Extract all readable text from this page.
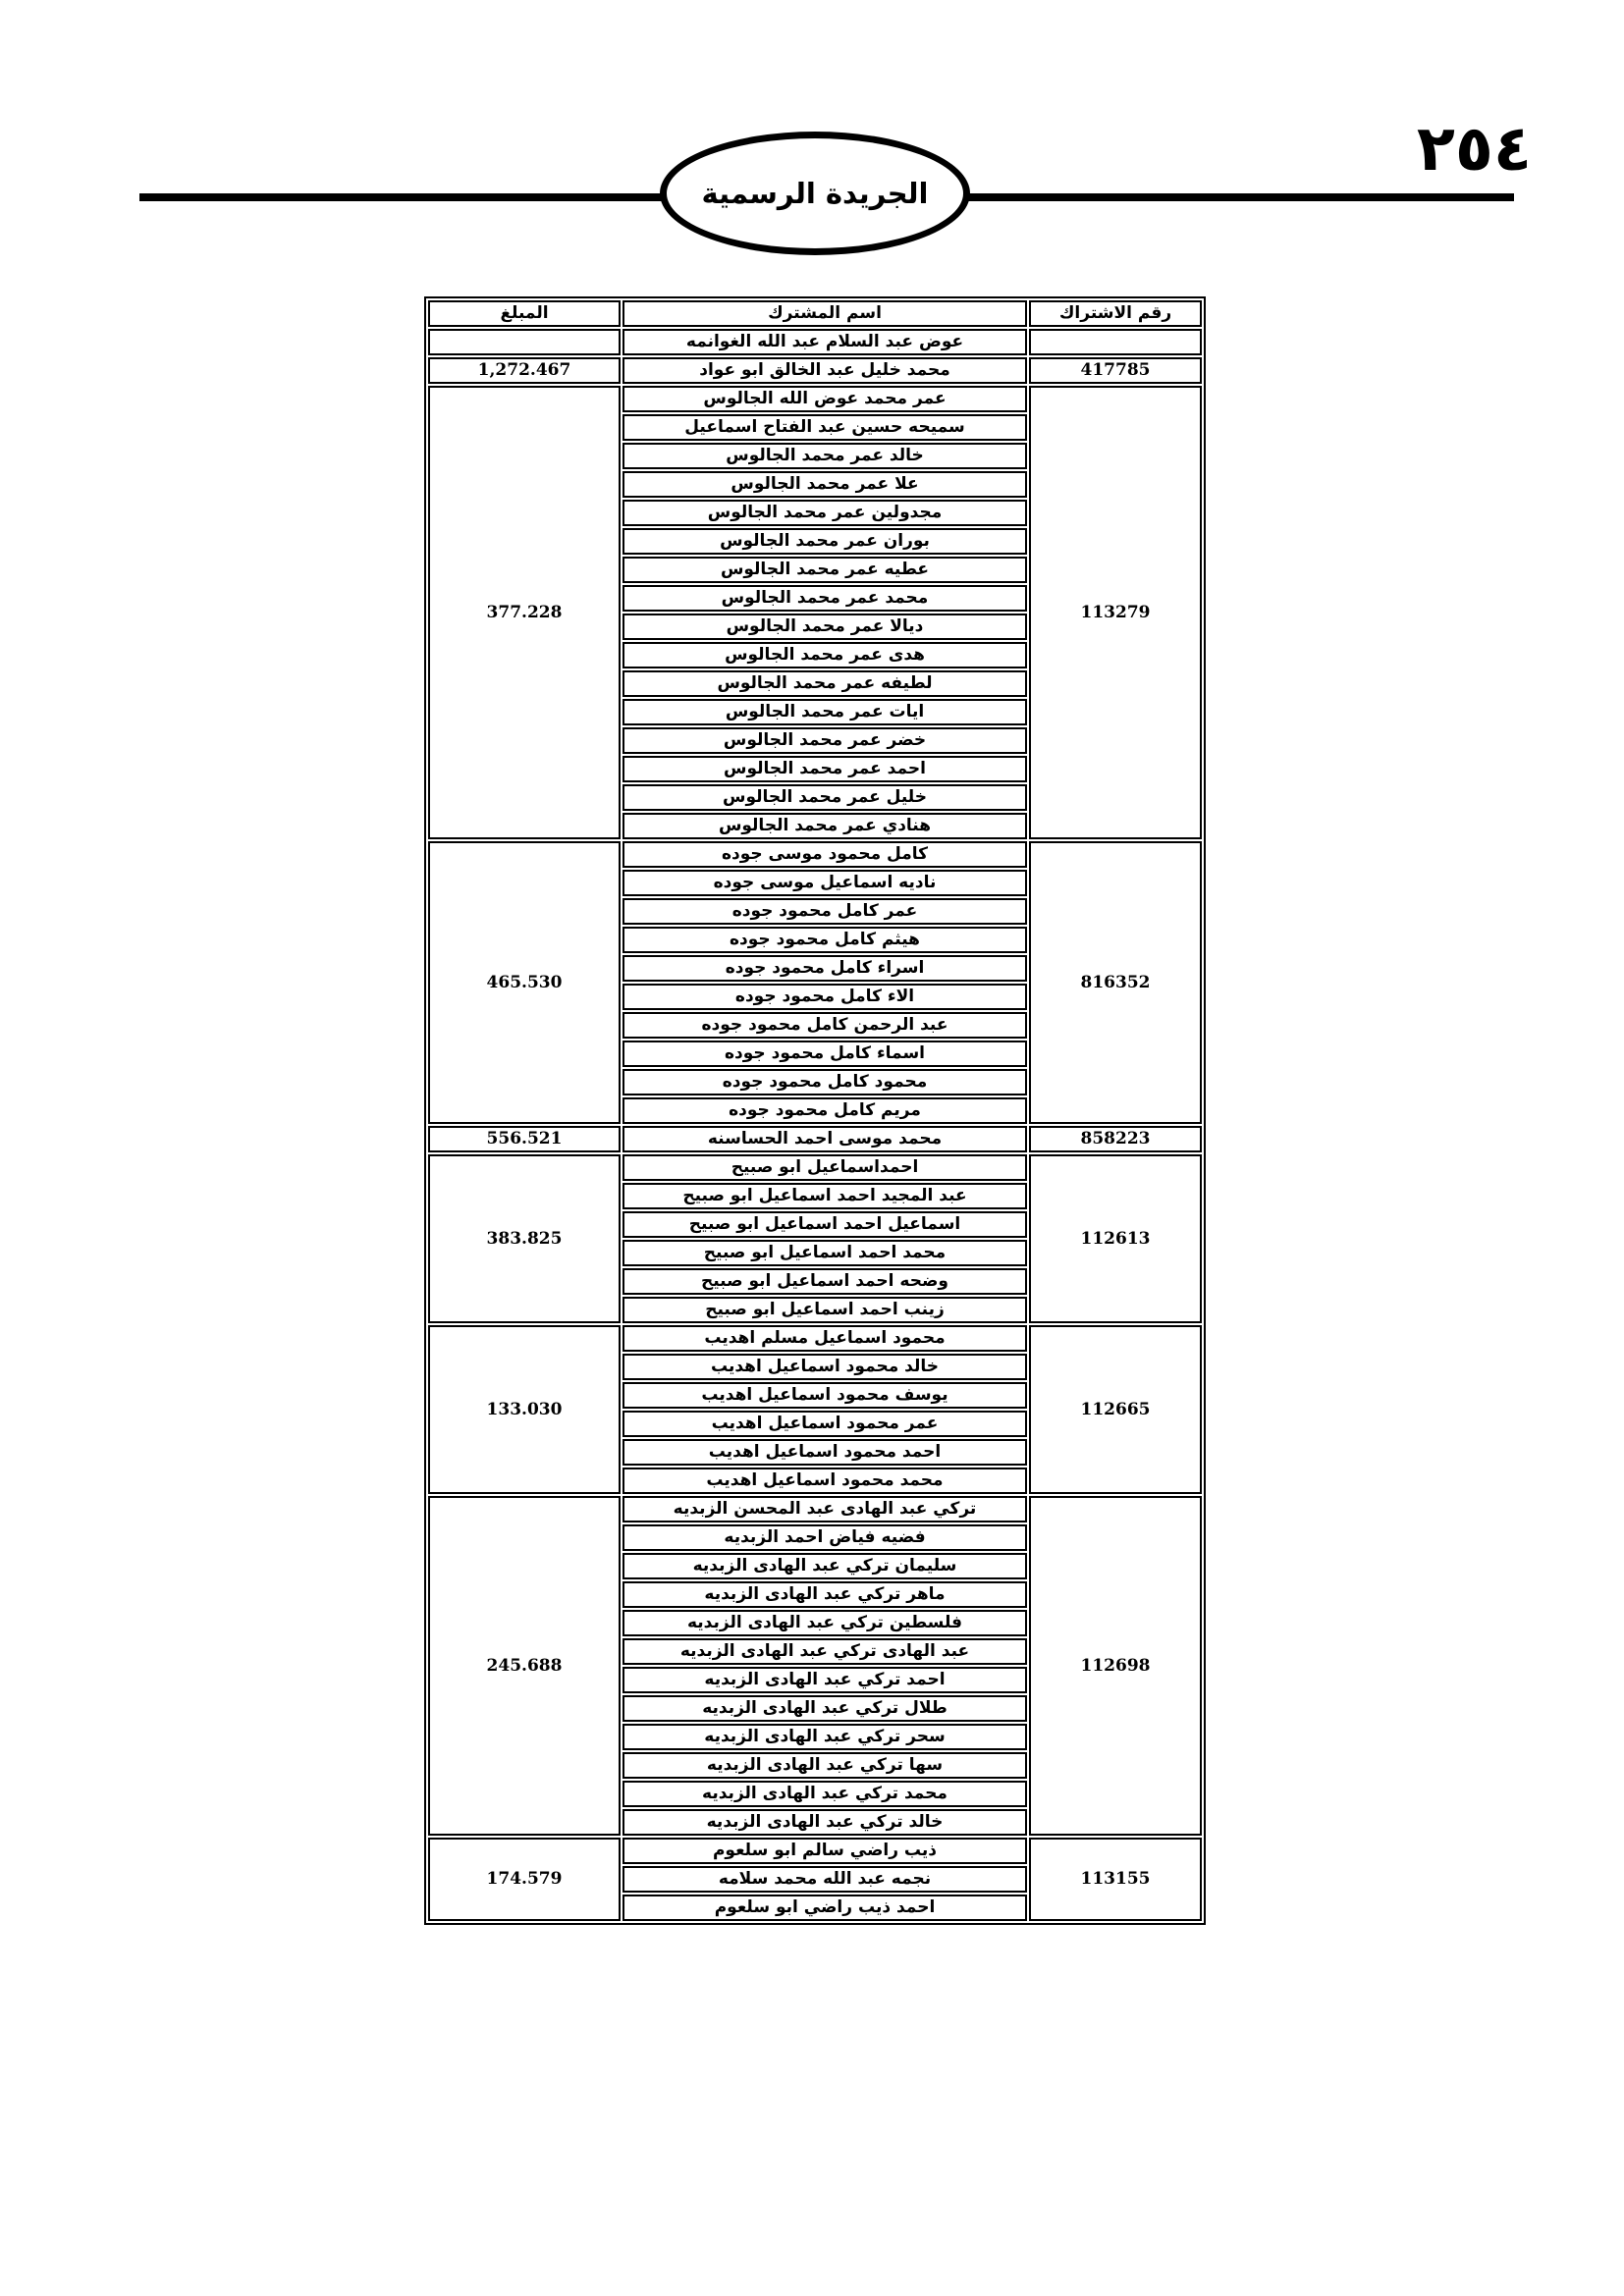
٢٥٤
الجريدة الرسمية
المبلغ	اسم المشترك	رقم الاشتراك
	عوض عبد السلام عبد الله الغوانمه	
1,272.467	محمد خليل عبد الخالق ابو عواد	417785
377.228	عمر محمد عوض الله الجالوس	113279
	سميحه حسين عبد الفتاح اسماعيل	
	خالد عمر محمد الجالوس	
	علا عمر محمد الجالوس	
	مجدولين عمر محمد الجالوس	
	بوران عمر محمد الجالوس	
	عطيه عمر محمد الجالوس	
	محمد عمر محمد الجالوس	
	ديالا عمر محمد الجالوس	
	هدى عمر محمد الجالوس	
	لطيفه عمر محمد الجالوس	
	ايات عمر محمد الجالوس	
	خضر عمر محمد الجالوس	
	احمد عمر محمد الجالوس	
	خليل عمر محمد الجالوس	
	هنادي عمر محمد الجالوس	
465.530	كامل محمود موسى جوده	816352
	ناديه اسماعيل موسى جوده	
	عمر كامل محمود جوده	
	هيثم كامل محمود جوده	
	اسراء كامل محمود جوده	
	الاء كامل محمود جوده	
	عبد الرحمن كامل محمود جوده	
	اسماء كامل محمود جوده	
	محمود كامل محمود جوده	
	مريم كامل محمود جوده	
556.521	محمد موسى احمد الحساسنه	858223
383.825	احمداسماعيل ابو صبيح	112613
	عبد المجيد احمد اسماعيل ابو صبيح	
	اسماعيل احمد اسماعيل ابو صبيح	
	محمد احمد اسماعيل ابو صبيح	
	وضحه احمد اسماعيل ابو صبيح	
	زينب احمد اسماعيل ابو صبيح	
133.030	محمود اسماعيل مسلم اهديب	112665
	خالد محمود اسماعيل اهديب	
	يوسف محمود اسماعيل اهديب	
	عمر محمود اسماعيل اهديب	
	احمد محمود اسماعيل اهديب	
	محمد محمود اسماعيل اهديب	
245.688	تركي عبد الهادى عبد المحسن الزبديه	112698
	فضيه فياض احمد الزبديه	
	سليمان تركي عبد الهادى الزبديه	
	ماهر تركي عبد الهادى الزبديه	
	فلسطين تركي عبد الهادى الزبديه	
	عبد الهادى تركي عبد الهادى الزبديه	
	احمد تركي عبد الهادى الزبديه	
	طلال تركي عبد الهادى الزبديه	
	سحر تركي عبد الهادى الزبديه	
	سها تركي عبد الهادى الزبديه	
	محمد تركي عبد الهادى الزبديه	
	خالد تركي عبد الهادى الزبديه	
174.579	ذيب راضي سالم ابو سلعوم	113155
	نجمه عبد الله محمد سلامه	
	احمد ذيب راضي ابو سلعوم	
